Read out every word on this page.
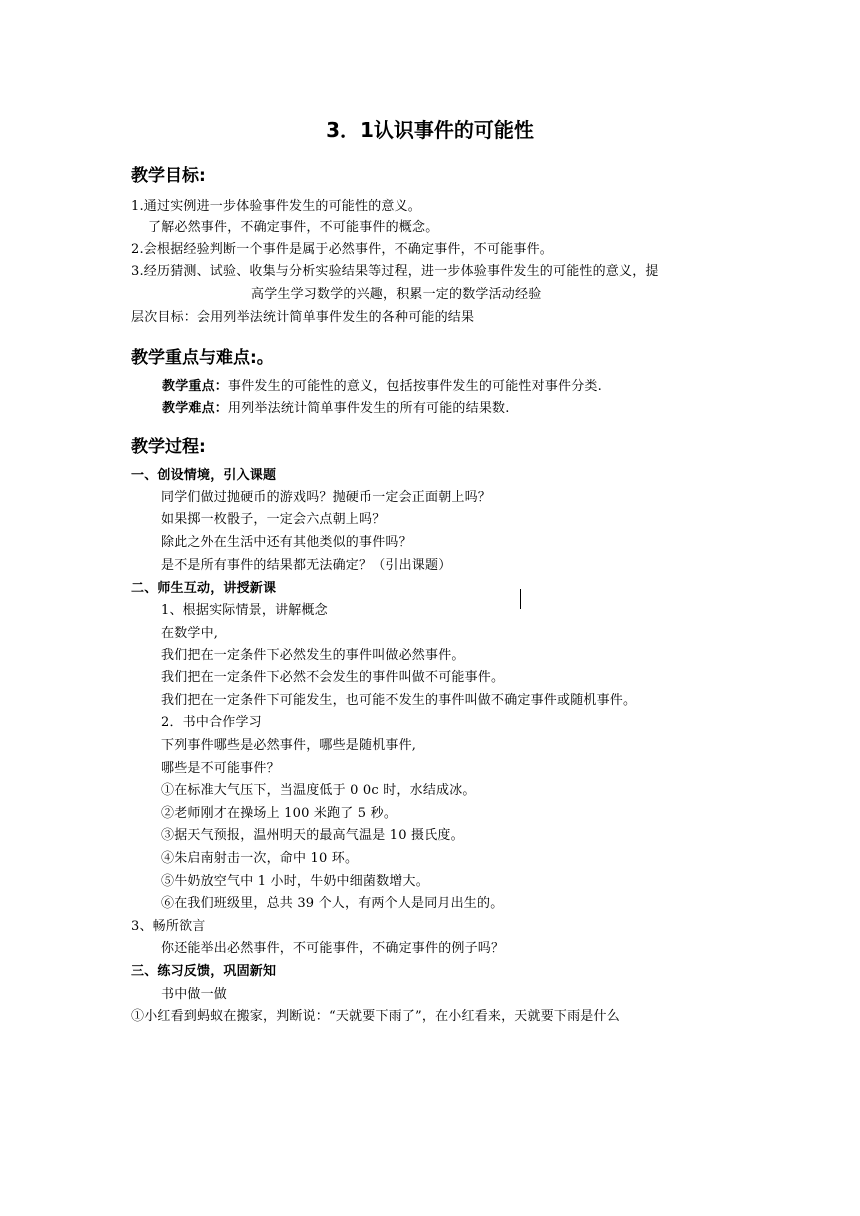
3．1认识事件的可能性
教学目标:
1.通过实例进一步体验事件发生的可能性的意义。
了解必然事件，不确定事件，不可能事件的概念。
2.会根据经验判断一个事件是属于必然事件，不确定事件，不可能事件。
3.经历猜测、试验、收集与分析实验结果等过程，进一步体验事件发生的可能性的意义，提
高学生学习数学的兴趣，积累一定的数学活动经验
层次目标：会用列举法统计简单事件发生的各种可能的结果
教学重点与难点:。
教学重点：事件发生的可能性的意义，包括按事件发生的可能性对事件分类.
教学难点：用列举法统计简单事件发生的所有可能的结果数.
教学过程:
一、创设情境，引入课题
同学们做过抛硬币的游戏吗？抛硬币一定会正面朝上吗？
如果掷一枚骰子，一定会六点朝上吗？
除此之外在生活中还有其他类似的事件吗？
是不是所有事件的结果都无法确定？（引出课题）
二、师生互动，讲授新课
1、根据实际情景，讲解概念
在数学中,
我们把在一定条件下必然发生的事件叫做必然事件。
我们把在一定条件下必然不会发生的事件叫做不可能事件。
我们把在一定条件下可能发生，也可能不发生的事件叫做不确定事件或随机事件。
2．书中合作学习
下列事件哪些是必然事件，哪些是随机事件,
哪些是不可能事件？
①在标准大气压下，当温度低于 0 0c 时，水结成冰。
②老师刚才在操场上 100 米跑了 5 秒。
③据天气预报，温州明天的最高气温是 10 摄氏度。
④朱启南射击一次，命中 10 环。
⑤牛奶放空气中 1 小时，牛奶中细菌数增大。
⑥在我们班级里，总共 39 个人，有两个人是同月出生的。
3、畅所欲言
你还能举出必然事件，不可能事件，不确定事件的例子吗？
三、练习反馈，巩固新知
书中做一做
①小红看到蚂蚁在搬家，判断说：“天就要下雨了”，在小红看来，天就要下雨是什么
